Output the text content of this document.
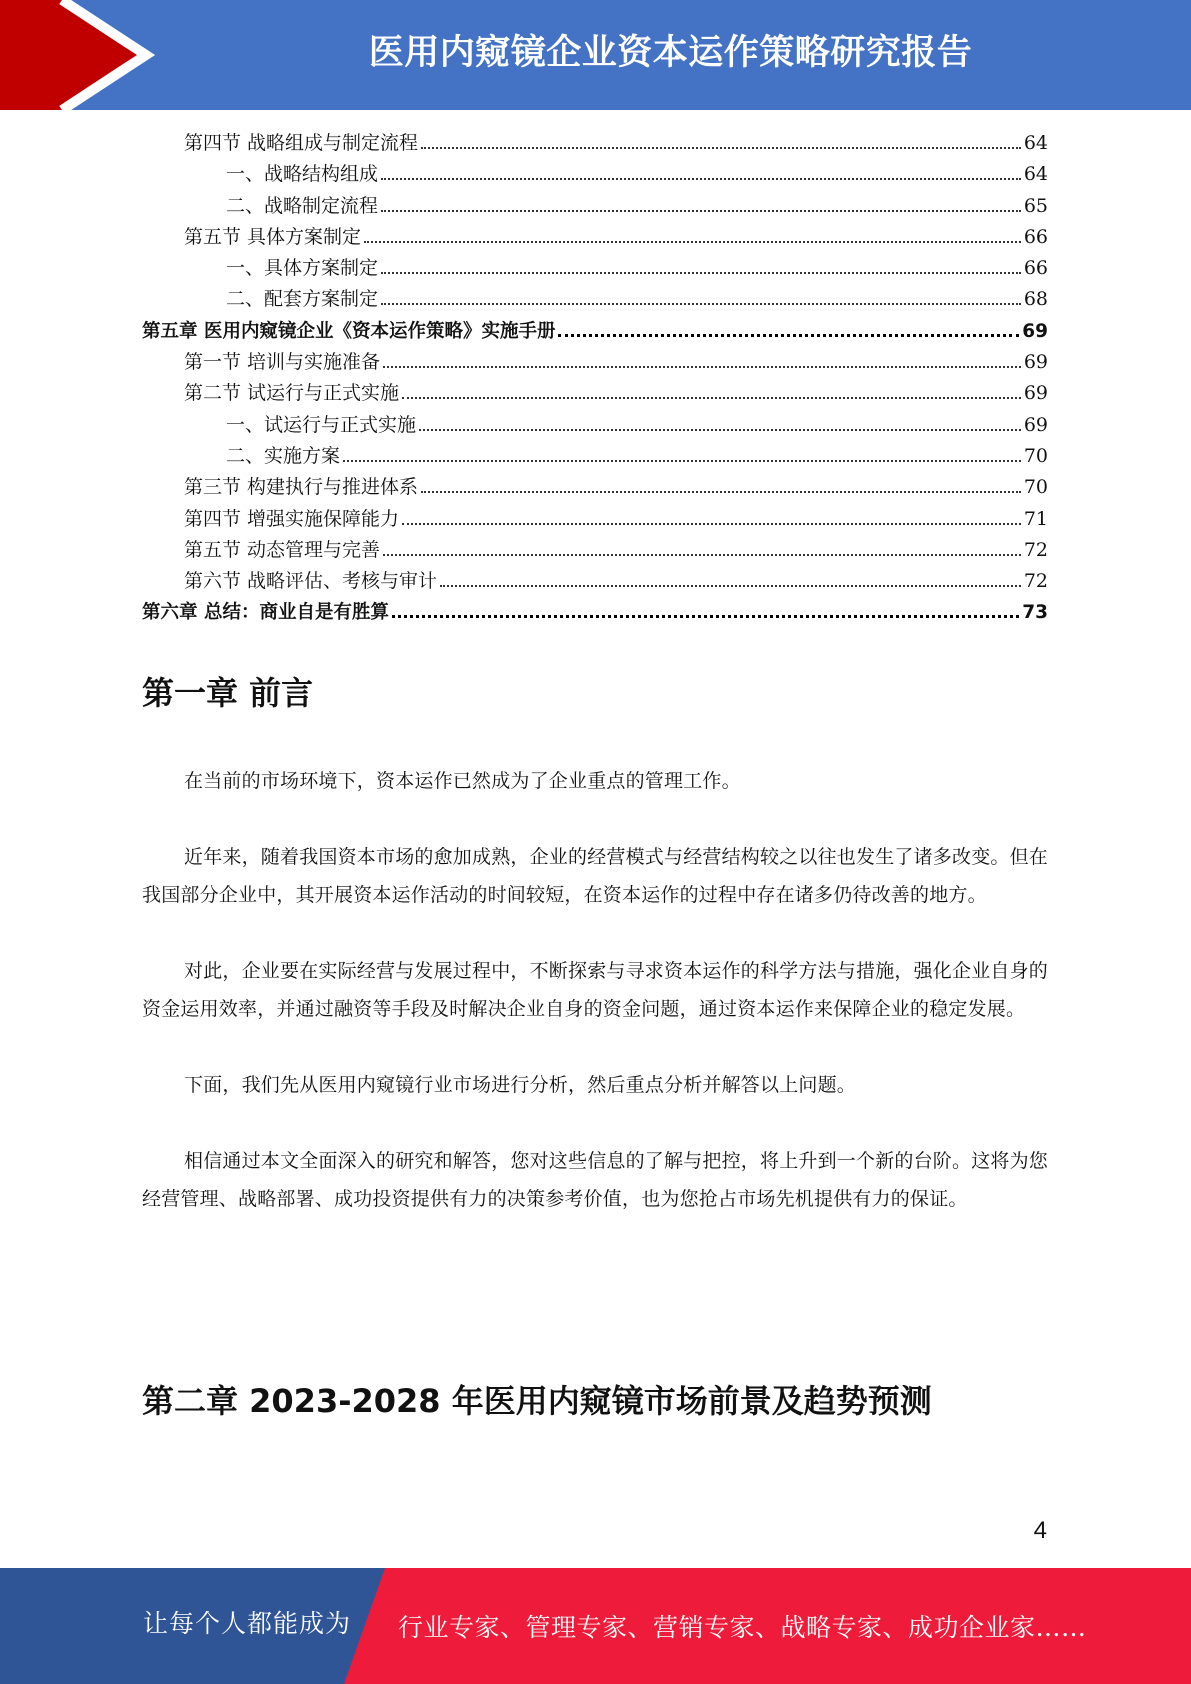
医用内窥镜企业资本运作策略研究报告
第四节 战略组成与制定流程	64
一、战略结构组成	64
二、战略制定流程	65
第五节 具体方案制定	66
一、具体方案制定	66
二、配套方案制定	68
第五章 医用内窥镜企业《资本运作策略》实施手册	69
第一节 培训与实施准备	69
第二节 试运行与正式实施	69
一、试运行与正式实施	69
二、实施方案	70
第三节 构建执行与推进体系	70
第四节 增强实施保障能力	71
第五节 动态管理与完善	72
第六节 战略评估、考核与审计	72
第六章 总结：商业自是有胜算	73
第一章 前言

在当前的市场环境下，资本运作已然成为了企业重点的管理工作。

近年来，随着我国资本市场的愈加成熟，企业的经营模式与经营结构较之以往也发生了诸多改变。但在我国部分企业中，其开展资本运作活动的时间较短，在资本运作的过程中存在诸多仍待改善的地方。

对此，企业要在实际经营与发展过程中，不断探索与寻求资本运作的科学方法与措施，强化企业自身的资金运用效率，并通过融资等手段及时解决企业自身的资金问题，通过资本运作来保障企业的稳定发展。

下面，我们先从医用内窥镜行业市场进行分析，然后重点分析并解答以上问题。

相信通过本文全面深入的研究和解答，您对这些信息的了解与把控，将上升到一个新的台阶。这将为您经营管理、战略部署、成功投资提供有力的决策参考价值，也为您抢占市场先机提供有力的保证。

第二章 2023-2028 年医用内窥镜市场前景及趋势预测
4
让每个人都能成为 行业专家、管理专家、营销专家、战略专家、成功企业家……
